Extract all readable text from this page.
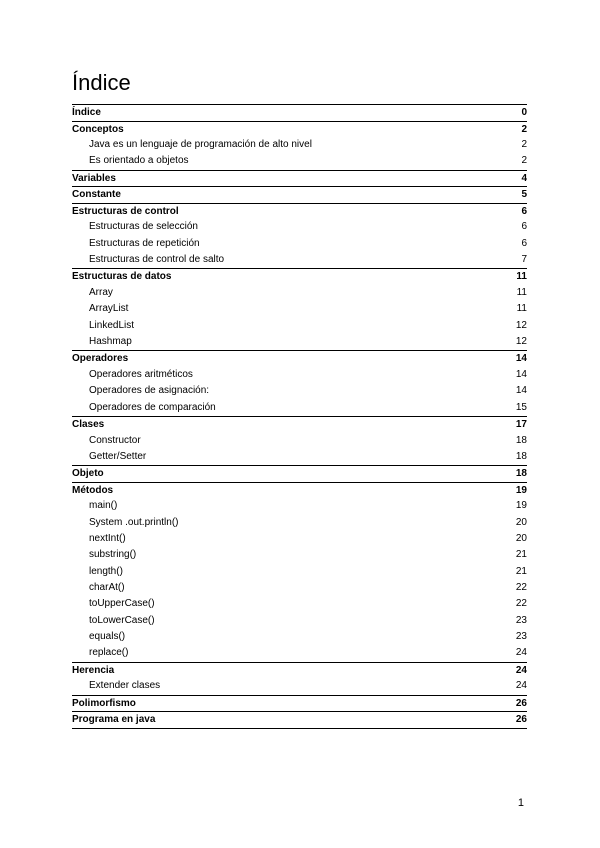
Índice
Índice	0
Conceptos	2
Java es un lenguaje de programación de alto nivel	2
Es orientado a objetos	2
Variables	4
Constante	5
Estructuras de control	6
Estructuras de selección	6
Estructuras de repetición	6
Estructuras de control de salto	7
Estructuras de datos	11
Array	11
ArrayList	11
LinkedList	12
Hashmap	12
Operadores	14
Operadores aritméticos	14
Operadores de asignación:	14
Operadores de comparación	15
Clases	17
Constructor	18
Getter/Setter	18
Objeto	18
Métodos	19
main()	19
System .out.println()	20
nextInt()	20
substring()	21
length()	21
charAt()	22
toUpperCase()	22
toLowerCase()	23
equals()	23
replace()	24
Herencia	24
Extender clases	24
Polimorfismo	26
Programa en java	26
1
